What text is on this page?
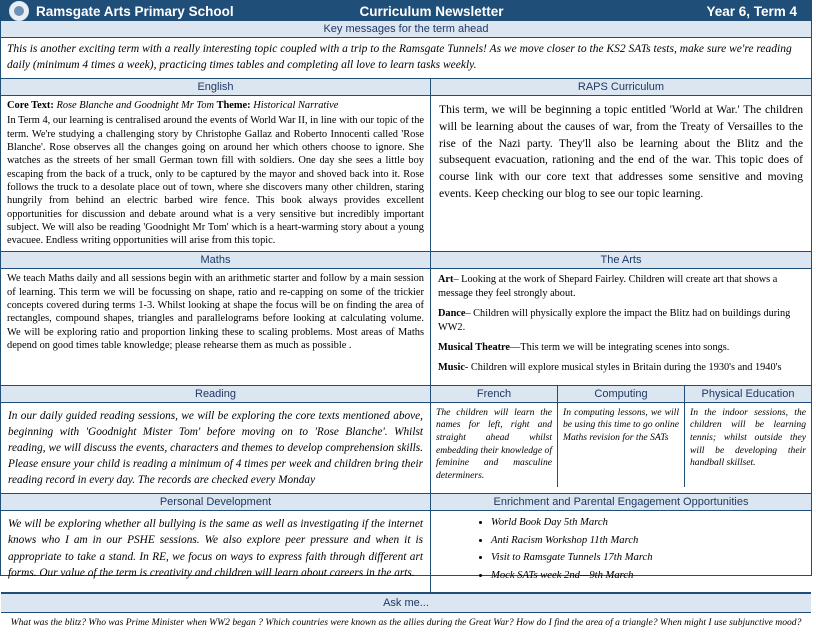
Ramsgate Arts Primary School	Curriculum Newsletter	Year 6, Term 4
Key messages for the term ahead
This is another exciting term with a really interesting topic coupled with a trip to the Ramsgate Tunnels! As we move closer to the KS2 SATs tests, make sure we're reading daily (minimum 4 times a week), practicing times tables and completing all love to learn tasks weekly.
English
Core Text: Rose Blanche and Goodnight Mr Tom Theme: Historical Narrative
In Term 4, our learning is centralised around the events of World War II, in line with our topic of the term. We're studying a challenging story by Christophe Gallaz and Roberto Innocenti called 'Rose Blanche'. Rose observes all the changes going on around her which others choose to ignore. She watches as the streets of her small German town fill with soldiers. One day she sees a little boy escaping from the back of a truck, only to be captured by the mayor and shoved back into it. Rose follows the truck to a desolate place out of town, where she discovers many other children, staring hungrily from behind an electric barbed wire fence. This book always provides excellent opportunities for discussion and debate around what is a very sensitive but incredibly important subject. We will also be reading 'Goodnight Mr Tom' which is a heart-warming story about a young evacuee. Endless writing opportunities will arise from this topic.
RAPS Curriculum
This term, we will be beginning a topic entitled 'World at War.' The children will be learning about the causes of war, from the Treaty of Versailles to the rise of the Nazi party. They'll also be learning about the Blitz and the subsequent evacuation, rationing and the end of the war. This topic does of course link with our core text that addresses some sensitive and moving events. Keep checking our blog to see our topic learning.
Maths
We teach Maths daily and all sessions begin with an arithmetic starter and follow by a main session of learning. This term we will be focussing on shape, ratio and re-capping on some of the trickier concepts covered during terms 1-3. Whilst looking at shape the focus will be on finding the area of rectangles, compound shapes, triangles and parallelograms before looking at calculating volume. We will be exploring ratio and proportion linking these to scaling problems. Most areas of Maths depend on good times table knowledge; please rehearse them as much as possible .
The Arts

Art– Looking at the work of Shepard Fairley. Children will create art that shows a message they feel strongly about.

Dance– Children will physically explore the impact the Blitz had on buildings during WW2.

Musical Theatre—This term we will be integrating scenes into songs.

Music- Children will explore musical styles in Britain during the 1930's and 1940's

Reading
In our daily guided reading sessions, we will be exploring the core texts mentioned above, beginning with 'Goodnight Mister Tom' before moving on to 'Rose Blanche'. Whilst reading, we will discuss the events, characters and themes to develop comprehension skills. Please ensure your child is reading a minimum of 4 times per week and children bring their reading record in every day. The records are checked every Monday
French
The children will learn the names for left, right and straight ahead whilst embedding their knowledge of feminine and masculine determiners.
Computing
In computing lessons, we will be using this time to go online Maths revision for the SATs
Physical Education
In the indoor sessions, the children will be learning tennis; whilst outside they will be developing their handball skillset.
Personal Development
We will be exploring whether all bullying is the same as well as investigating if the internet knows who I am in our PSHE sessions. We also explore peer pressure and when it is appropriate to take a stand. In RE, we focus on ways to express faith through different art forms. Our value of the term is creativity and children will learn about careers in the arts.
Enrichment and Parental Engagement Opportunities
• World Book Day 5th March
• Anti Racism Workshop 11th March
• Visit to Ramsgate Tunnels 17th March
• Mock SATs week 2nd—9th March
Ask me...
What was the blitz? Who was Prime Minister when WW2 began ? Which countries were known as the allies during the Great War? How do I find the area of a triangle? When might I use subjunctive mood?
